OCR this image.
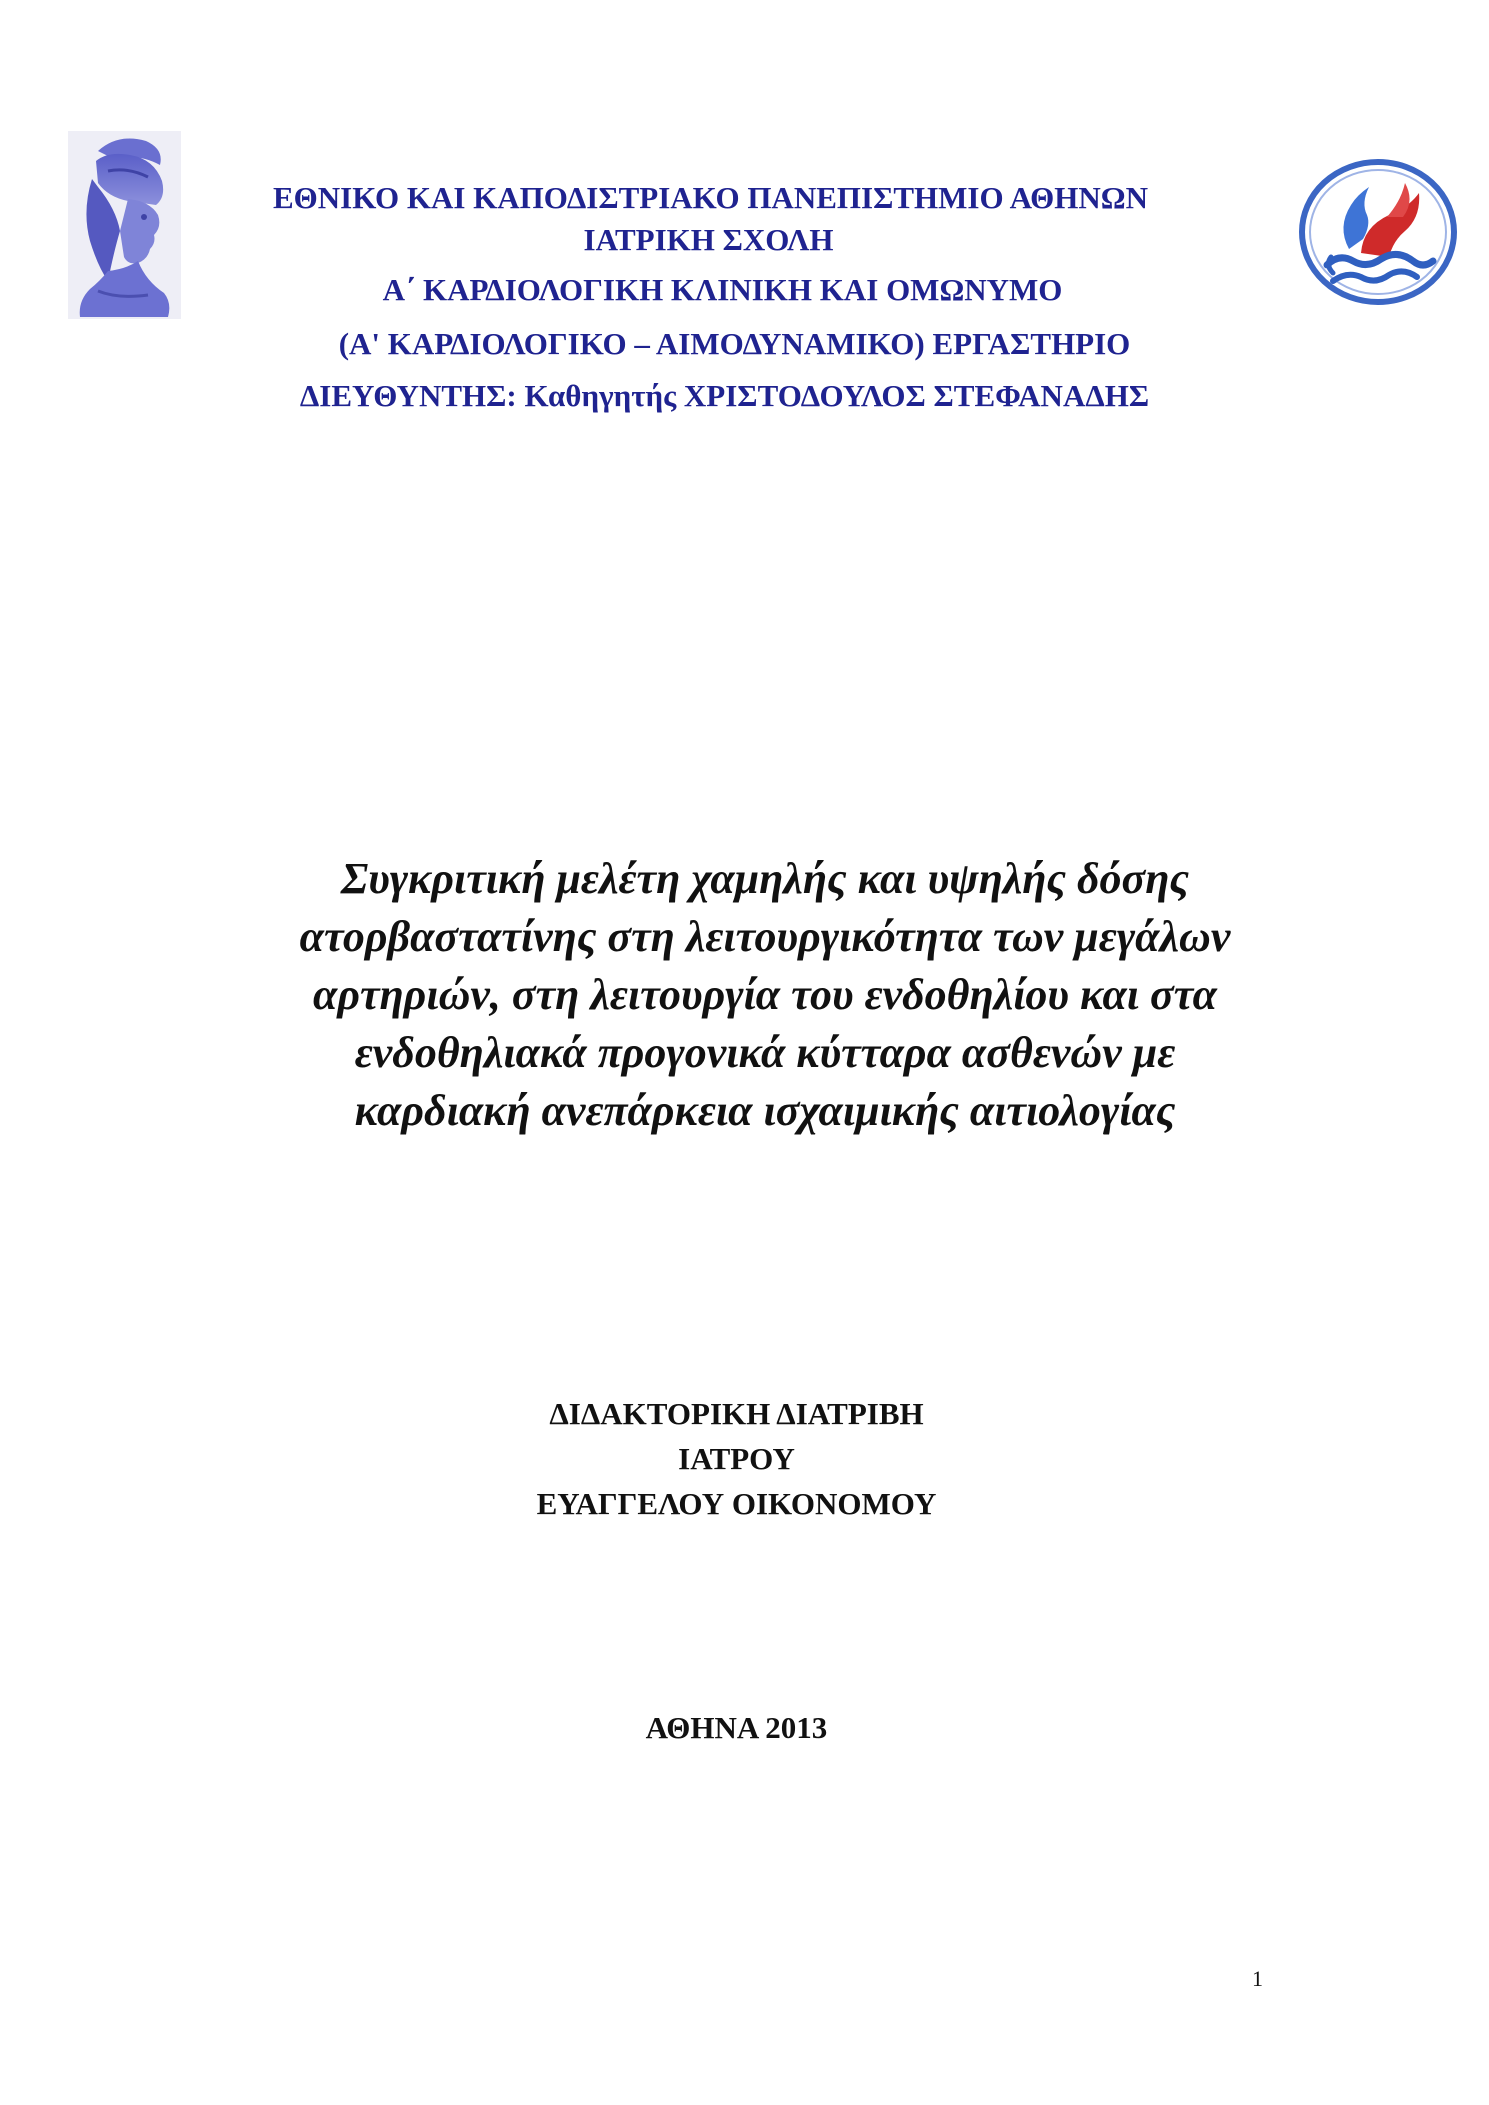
ΕΘΝΙΚΟ ΚΑΙ ΚΑΠΟΔΙΣΤΡΙΑΚΟ ΠΑΝΕΠΙΣΤΗΜΙΟ ΑΘΗΝΩΝ
ΙΑΤΡΙΚΗ ΣΧΟΛΗ
Α΄ ΚΑΡΔΙΟΛΟΓΙΚΗ ΚΛΙΝΙΚΗ ΚΑΙ ΟΜΩΝΥΜΟ
(Α' ΚΑΡΔΙΟΛΟΓΙΚΟ – ΑΙΜΟΔΥΝΑΜΙΚΟ) ΕΡΓΑΣΤΗΡΙΟ
ΔΙΕΥΘΥΝΤΗΣ: Καθηγητής ΧΡΙΣΤΟΔΟΥΛΟΣ ΣΤΕΦΑΝΑΔΗΣ
Συγκριτική μελέτη χαμηλής και υψηλής δόσης
ατορβαστατίνης στη λειτουργικότητα των μεγάλων
αρτηριών, στη λειτουργία του ενδοθηλίου και στα
ενδοθηλιακά προγονικά κύτταρα ασθενών με
καρδιακή ανεπάρκεια ισχαιμικής αιτιολογίας
ΔΙΔΑΚΤΟΡΙΚΗ ΔΙΑΤΡΙΒΗ
ΙΑΤΡΟΥ
ΕΥΑΓΓΕΛΟΥ ΟΙΚΟΝΟΜΟΥ
ΑΘΗΝΑ 2013
1
